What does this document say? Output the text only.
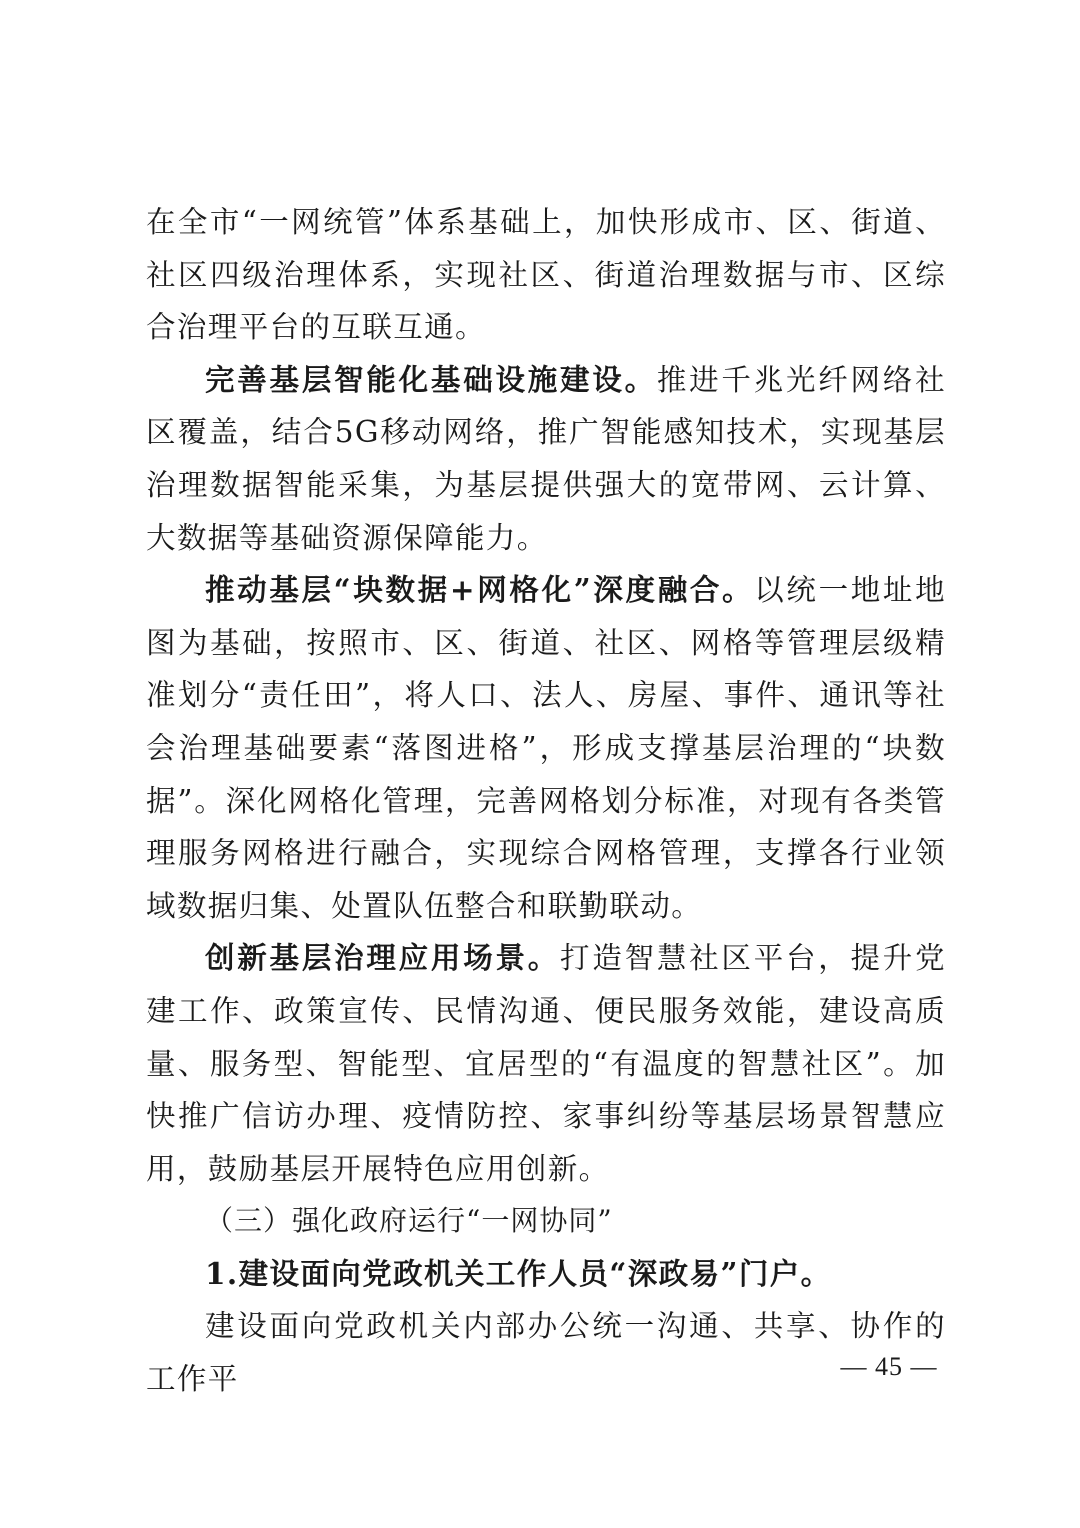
在全市“一网统管”体系基础上，加快形成市、区、街道、社区四级治理体系，实现社区、街道治理数据与市、区综合治理平台的互联互通。

完善基层智能化基础设施建设。推进千兆光纤网络社区覆盖，结合5G移动网络，推广智能感知技术，实现基层治理数据智能采集，为基层提供强大的宽带网、云计算、大数据等基础资源保障能力。

推动基层“块数据+网格化”深度融合。以统一地址地图为基础，按照市、区、街道、社区、网格等管理层级精准划分“责任田”，将人口、法人、房屋、事件、通讯等社会治理基础要素“落图进格”，形成支撑基层治理的“块数据”。深化网格化管理，完善网格划分标准，对现有各类管理服务网格进行融合，实现综合网格管理，支撑各行业领域数据归集、处置队伍整合和联勤联动。

创新基层治理应用场景。打造智慧社区平台，提升党建工作、政策宣传、民情沟通、便民服务效能，建设高质量、服务型、智能型、宜居型的“有温度的智慧社区”。加快推广信访办理、疫情防控、家事纠纷等基层场景智慧应用，鼓励基层开展特色应用创新。

（三）强化政府运行“一网协同”

1.建设面向党政机关工作人员“深政易”门户。

建设面向党政机关内部办公统一沟通、共享、协作的工作平	— 45 —
